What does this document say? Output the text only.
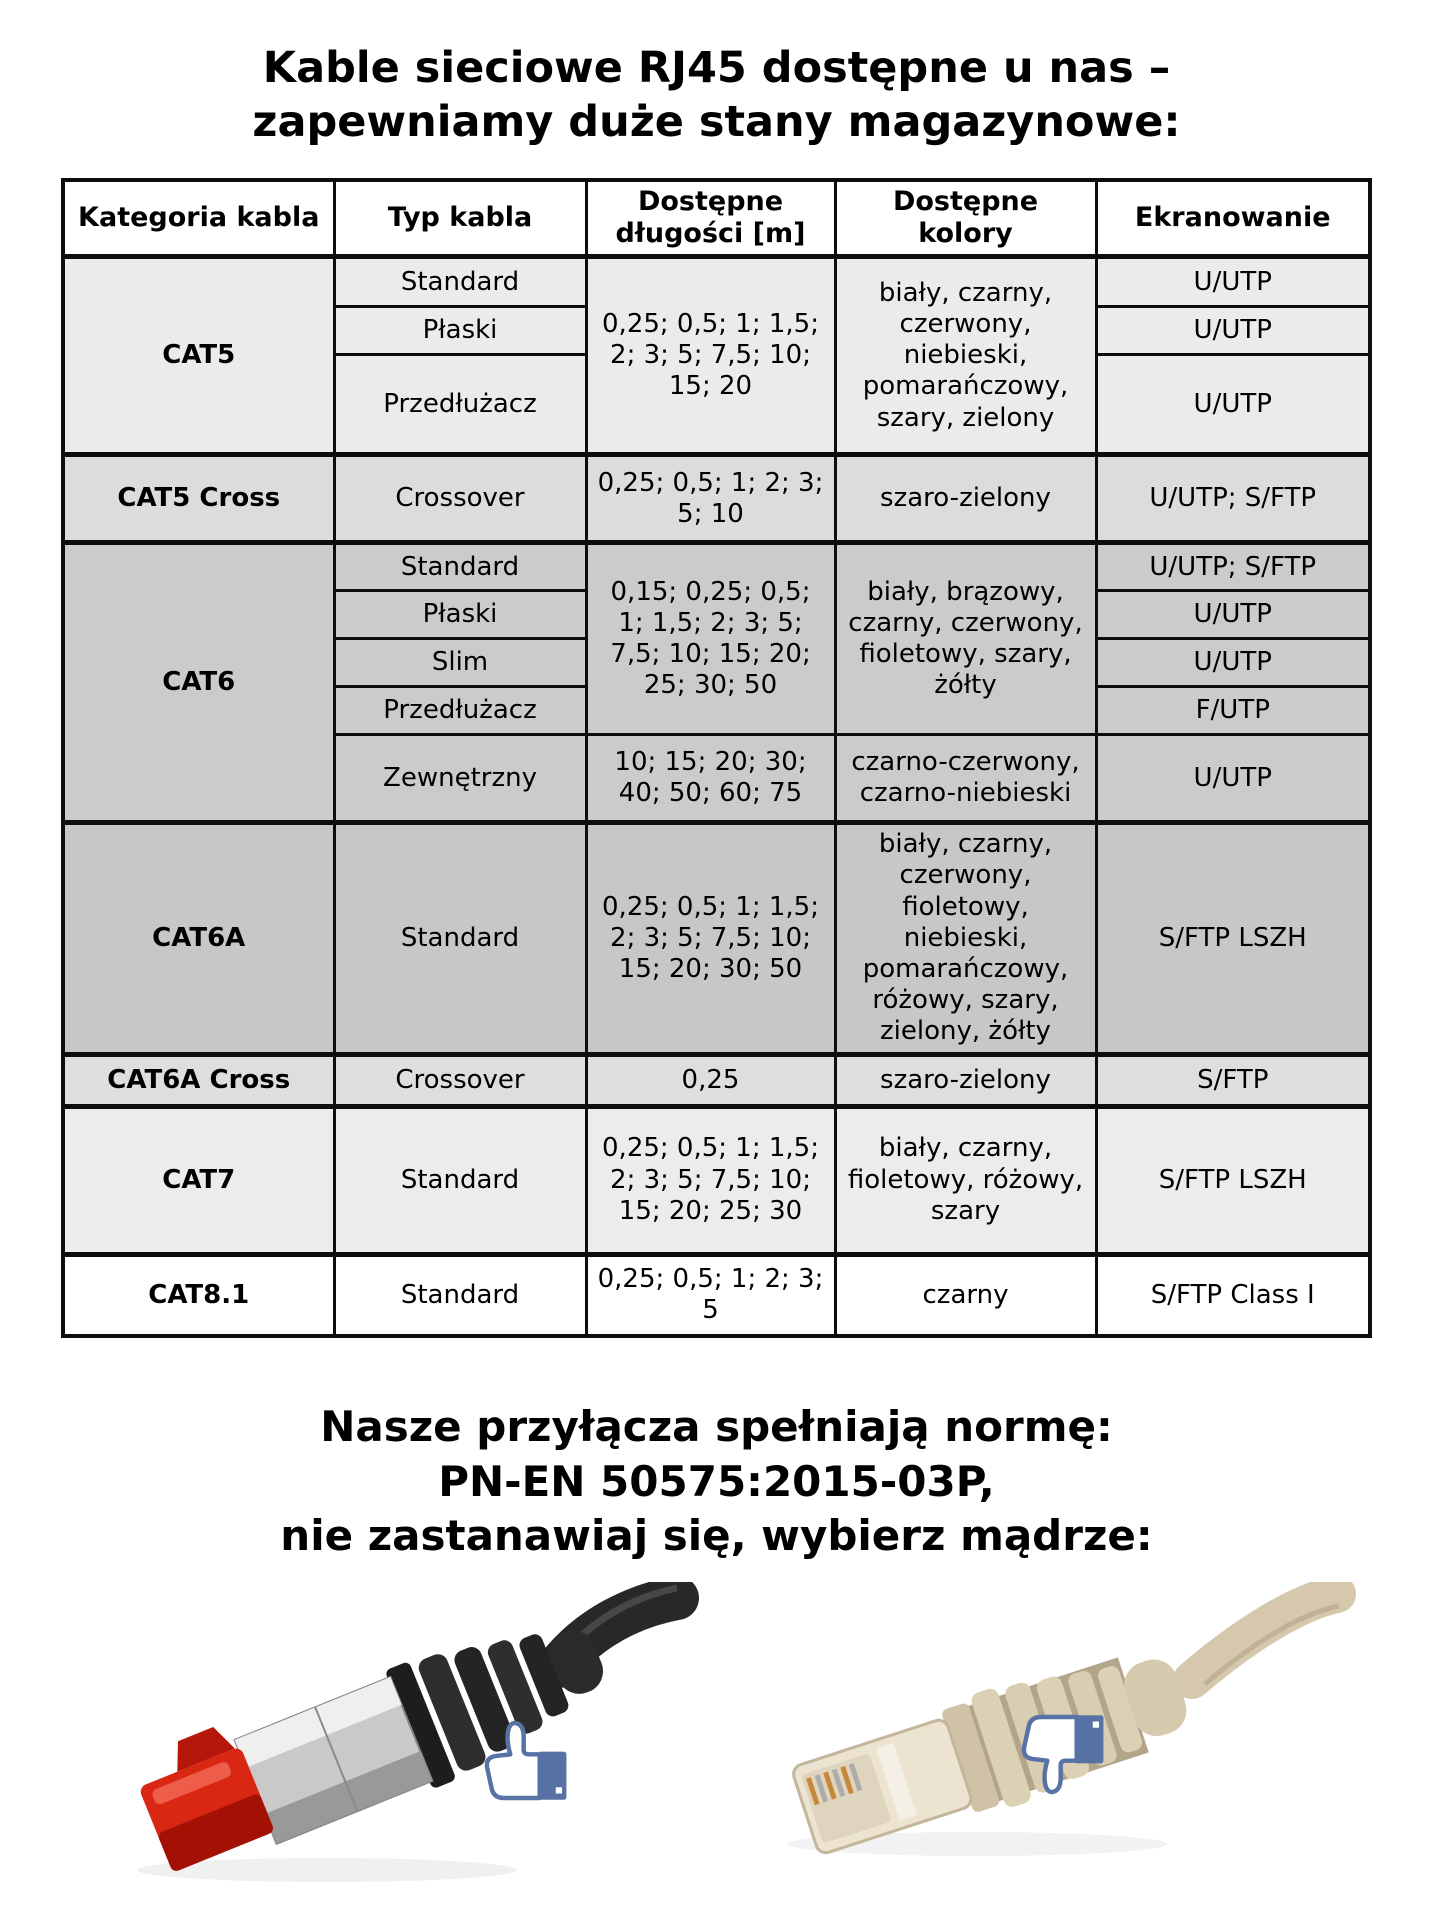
Kable sieciowe RJ45 dostępne u nas –
zapewniamy duże stany magazynowe:
Kategoria kabla	Typ kabla	Dostępne długości [m]	Dostępne kolory	Ekranowanie
CAT5	Standard	0,25; 0,5; 1; 1,5; 2; 3; 5; 7,5; 10; 15; 20	biały, czarny, czerwony, niebieski, pomarańczowy, szary, zielony	U/UTP
	Płaski			U/UTP
	Przedłużacz			U/UTP
CAT5 Cross	Crossover	0,25; 0,5; 1; 2; 3; 5; 10	szaro-zielony	U/UTP; S/FTP
CAT6	Standard	0,15; 0,25; 0,5; 1; 1,5; 2; 3; 5; 7,5; 10; 15; 20; 25; 30; 50	biały, brązowy, czarny, czerwony, fioletowy, szary, żółty	U/UTP; S/FTP
	Płaski			U/UTP
	Slim			U/UTP
	Przedłużacz			F/UTP
	Zewnętrzny	10; 15; 20; 30; 40; 50; 60; 75	czarno-czerwony, czarno-niebieski	U/UTP
CAT6A	Standard	0,25; 0,5; 1; 1,5; 2; 3; 5; 7,5; 10; 15; 20; 30; 50	biały, czarny, czerwony, fioletowy, niebieski, pomarańczowy, różowy, szary, zielony, żółty	S/FTP LSZH
CAT6A Cross	Crossover	0,25	szaro-zielony	S/FTP
CAT7	Standard	0,25; 0,5; 1; 1,5; 2; 3; 5; 7,5; 10; 15; 20; 25; 30	biały, czarny, fioletowy, różowy, szary	S/FTP LSZH
CAT8.1	Standard	0,25; 0,5; 1; 2; 3; 5	czarny	S/FTP Class I
Nasze przyłącza spełniają normę:
PN-EN 50575:2015-03P,
nie zastanawiaj się, wybierz mądrze:
